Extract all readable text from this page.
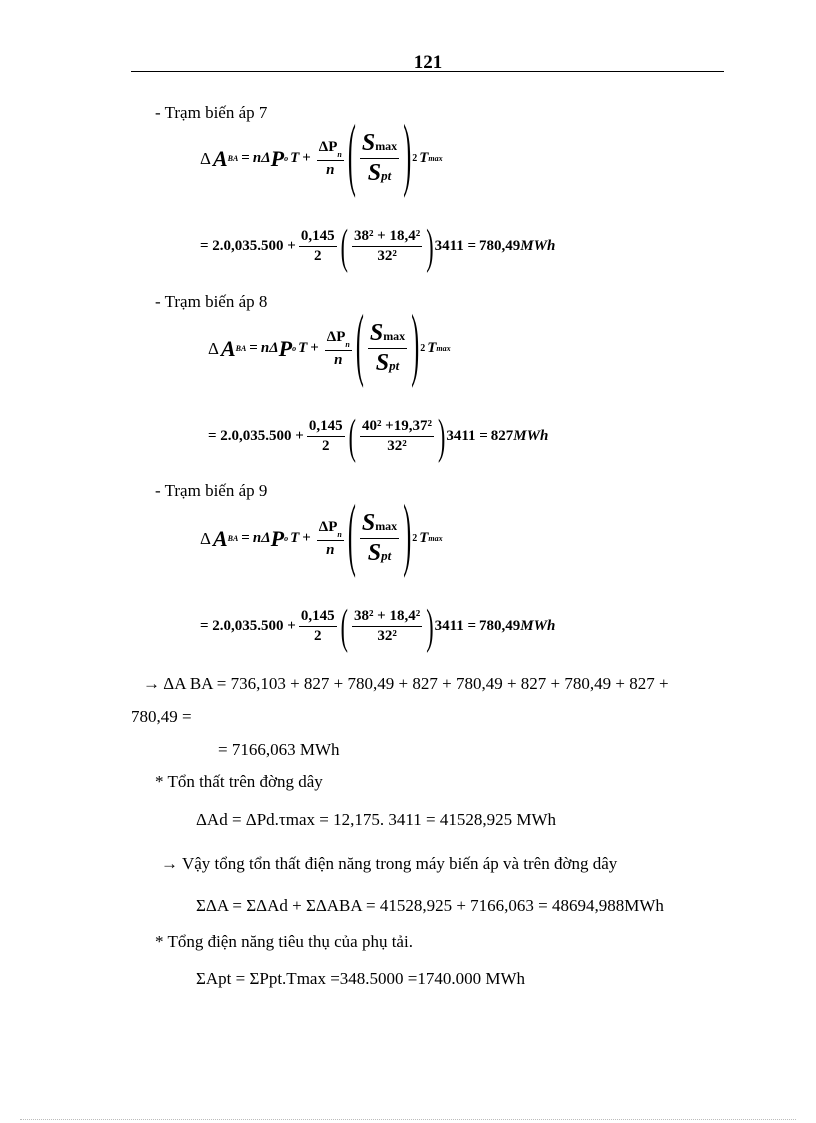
121
- Trạm biến áp 7
Δ A BA = nΔ P o $T + \frac{\Delta P_n}{n}$ ( $\frac{Smax}{\text{Spt}}$ ) 2 T max
= $2.0,035.500 + \frac{0,145}{2}$ ( $\frac{\text{38² + 18,4²}}{\text{32²}}$ ) 3411 = 780,49 MWh
- Trạm biến áp 8
Δ A BA = nΔ P o $T + \frac{\Delta P_n}{n}$ ( $\frac{Smax}{\text{Spt}}$ ) 2 T max
= $2.0,035.500 + \frac{0,145}{2}$ ( $\frac{\text{40² +19,37²}}{\text{32²}}$ ) 3411 = 827 MWh
- Trạm biến áp 9
Δ A BA = nΔ P o $T + \frac{\Delta P_n}{n}$ ( $\frac{Smax}{\text{Spt}}$ ) 2 T max
= $2.0,035.500 + \frac{0,145}{2}$ ( $\frac{\text{38² + 18,4²}}{\text{32²}}$ ) 3411 = 780,49 MWh
→ ΔA BA = 736,103 + 827 + 780,49 + 827 + 780,49 + 827 + 780,49 + 827 +
780,49 =
= 7166,063 MWh
* Tổn thất trên đờng dây
ΔAd = ΔPd.τmax = 12,175. 3411 = 41528,925 MWh
→ Vậy tổng tổn thất điện năng trong máy biến áp và trên đờng dây
ΣΔA = ΣΔAd + ΣΔABA = 41528,925 + 7166,063 = 48694,988MWh
* Tổng điện năng tiêu thụ của phụ tải.
ΣApt = ΣPpt.Tmax =348.5000 =1740.000 MWh
